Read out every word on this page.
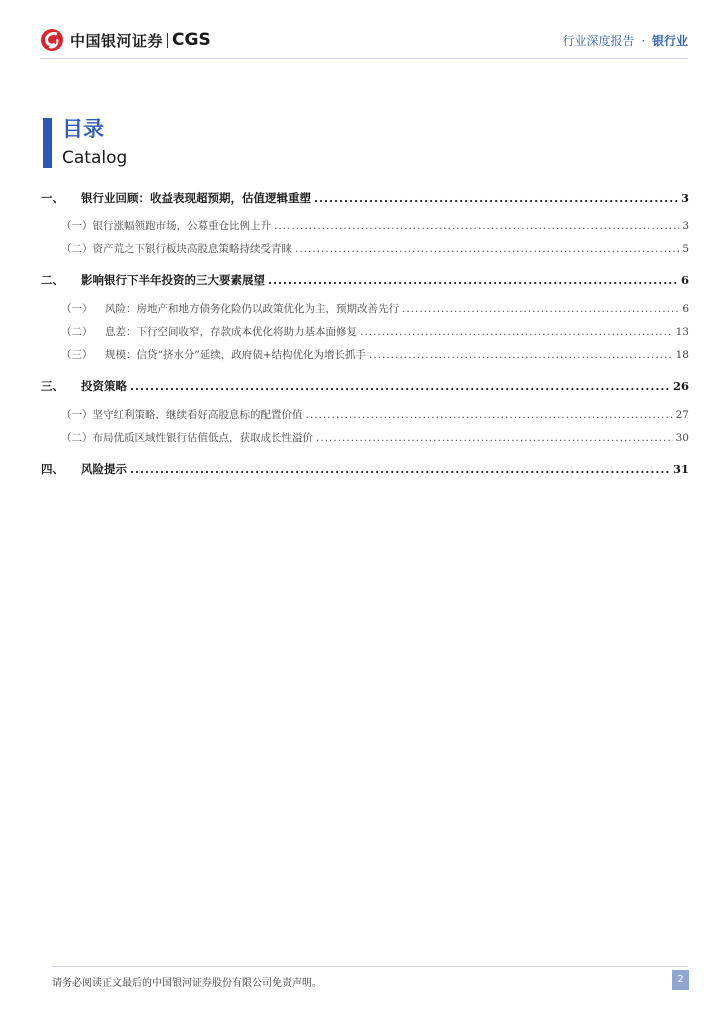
中国银河证券 CGS	行业深度报告 · 银行业
目录
Catalog
一、	银行业回顾：收益表现超预期，估值逻辑重塑 .....	3
（一） 银行涨幅领跑市场，公募重仓比例上升 .....	3
（二） 资产荒之下银行板块高股息策略持续受青睐 .....	5
二、	影响银行下半年投资的三大要素展望 .....	6
（一）	风险：房地产和地方债务化险仍以政策优化为主，预期改善先行 .....	6
（二）	息差：下行空间收窄，存款成本优化将助力基本面修复 .....	13
（三）	规模：信贷“挤水分”延续，政府债+结构优化为增长抓手 .....	18
三、	投资策略 .....	26
（一） 坚守红利策略，继续看好高股息标的配置价值 .....	27
（二） 布局优质区域性银行估值低点，获取成长性溢价 .....	30
四、	风险提示 .....	31
请务必阅读正文最后的中国银河证券股份有限公司免责声明。	2
